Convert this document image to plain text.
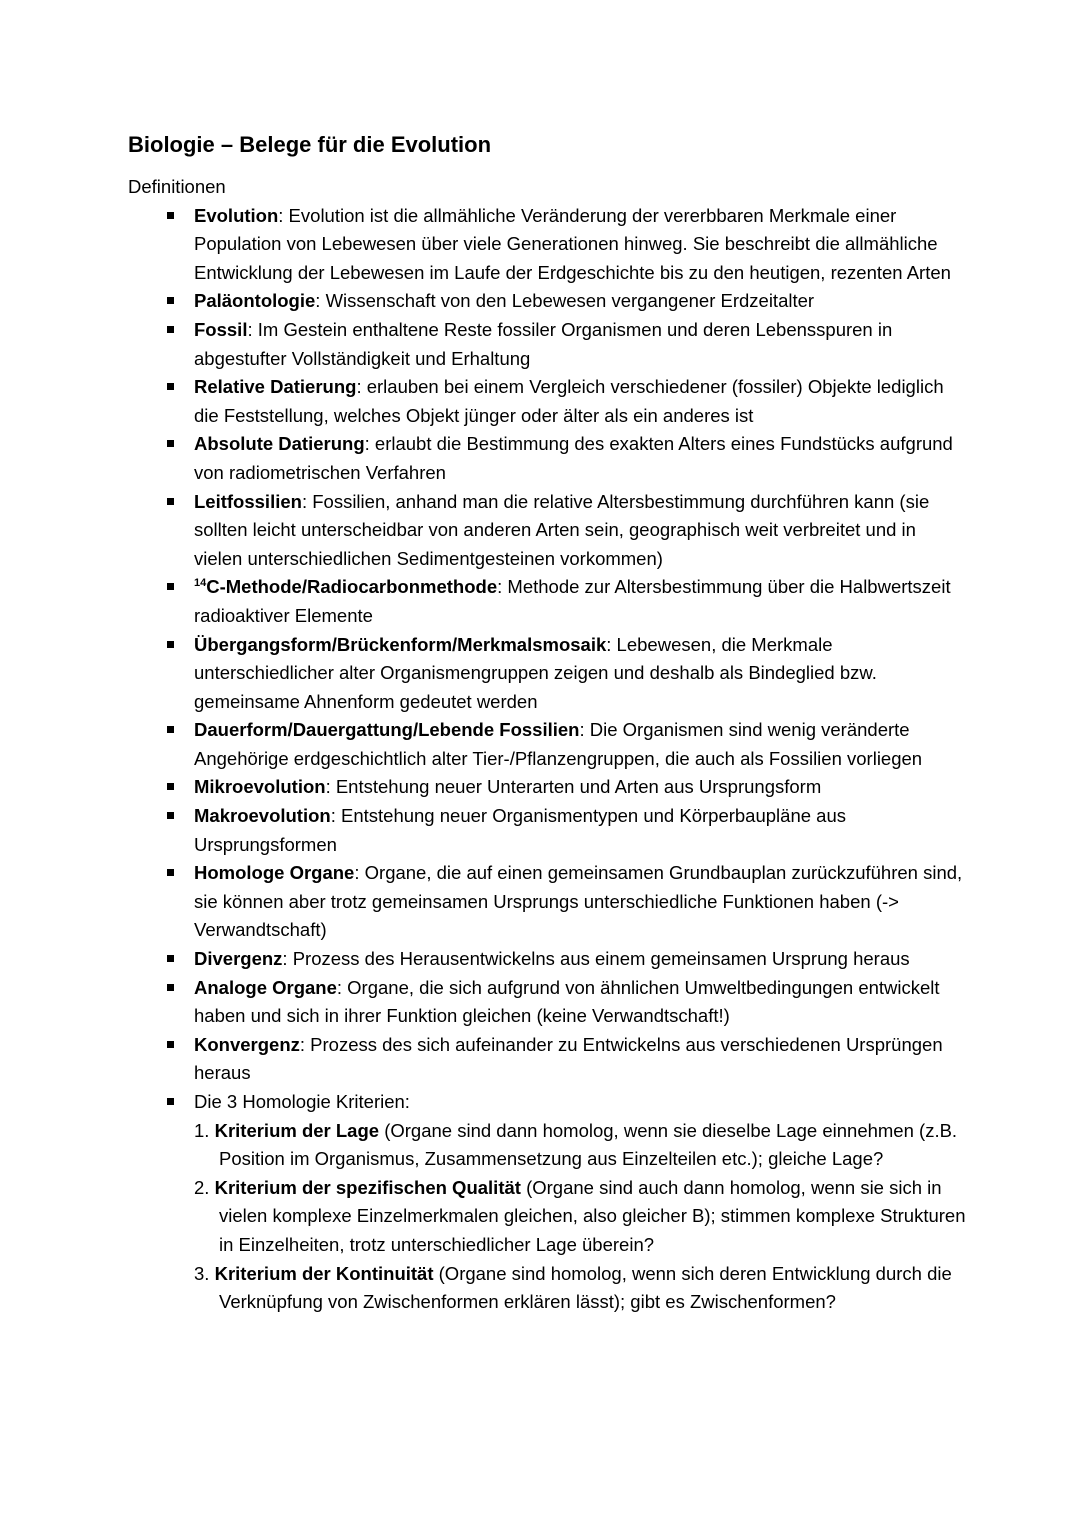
Biologie – Belege für die Evolution
Definitionen
Evolution: Evolution ist die allmähliche Veränderung der vererbbaren Merkmale einer Population von Lebewesen über viele Generationen hinweg. Sie beschreibt die allmähliche Entwicklung der Lebewesen im Laufe der Erdgeschichte bis zu den heutigen, rezenten Arten
Paläontologie: Wissenschaft von den Lebewesen vergangener Erdzeitalter
Fossil: Im Gestein enthaltene Reste fossiler Organismen und deren Lebensspuren in abgestufter Vollständigkeit und Erhaltung
Relative Datierung: erlauben bei einem Vergleich verschiedener (fossiler) Objekte lediglich die Feststellung, welches Objekt jünger oder älter als ein anderes ist
Absolute Datierung: erlaubt die Bestimmung des exakten Alters eines Fundstücks aufgrund von radiometrischen Verfahren
Leitfossilien: Fossilien, anhand man die relative Altersbestimmung durchführen kann (sie sollten leicht unterscheidbar von anderen Arten sein, geographisch weit verbreitet und in vielen unterschiedlichen Sedimentgesteinen vorkommen)
$^{14}$C-Methode/Radiocarbonmethode: Methode zur Altersbestimmung über die Halbwertszeit radioaktiver Elemente
Übergangsform/Brückenform/Merkmalsmosaik: Lebewesen, die Merkmale unterschiedlicher alter Organismengruppen zeigen und deshalb als Bindeglied bzw. gemeinsame Ahnenform gedeutet werden
Dauerform/Dauergattung/Lebende Fossilien: Die Organismen sind wenig veränderte Angehörige erdgeschichtlich alter Tier-/Pflanzengruppen, die auch als Fossilien vorliegen
Mikroevolution: Entstehung neuer Unterarten und Arten aus Ursprungsform
Makroevolution: Entstehung neuer Organismentypen und Körperbaupläne aus Ursprungsformen
Homologe Organe: Organe, die auf einen gemeinsamen Grundbauplan zurückzuführen sind, sie können aber trotz gemeinsamen Ursprungs unterschiedliche Funktionen haben (-> Verwandtschaft)
Divergenz: Prozess des Herausentwickelns aus einem gemeinsamen Ursprung heraus
Analoge Organe: Organe, die sich aufgrund von ähnlichen Umweltbedingungen entwickelt haben und sich in ihrer Funktion gleichen (keine Verwandtschaft!)
Konvergenz: Prozess des sich aufeinander zu Entwickelns aus verschiedenen Ursprüngen heraus
Die 3 Homologie Kriterien:
1. Kriterium der Lage (Organe sind dann homolog, wenn sie dieselbe Lage einnehmen (z.B. Position im Organismus, Zusammensetzung aus Einzelteilen etc.); gleiche Lage?
2. Kriterium der spezifischen Qualität (Organe sind auch dann homolog, wenn sie sich in vielen komplexe Einzelmerkmalen gleichen, also gleicher B); stimmen komplexe Strukturen in Einzelheiten, trotz unterschiedlicher Lage überein?
3. Kriterium der Kontinuität (Organe sind homolog, wenn sich deren Entwicklung durch die Verknüpfung von Zwischenformen erklären lässt); gibt es Zwischenformen?
